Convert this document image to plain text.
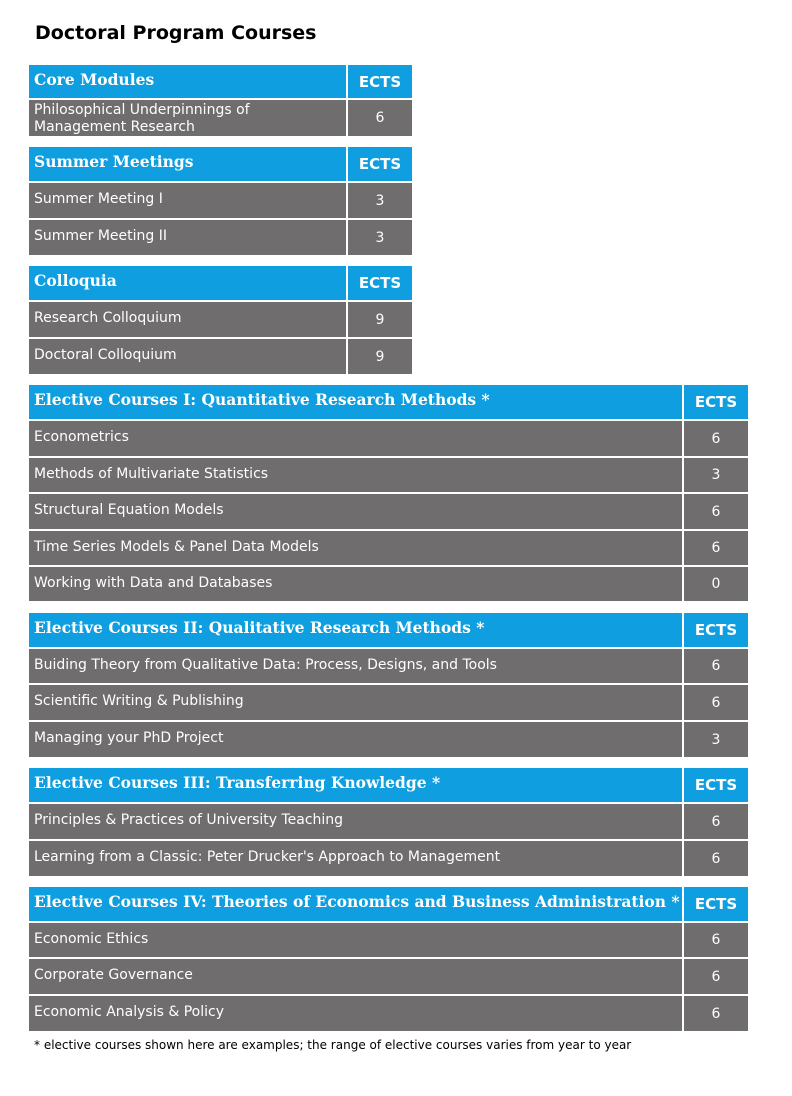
Doctoral Program Courses
Core Modules	ECTS
Philosophical Underpinnings of Management Research	6
Summer Meetings	ECTS
Summer Meeting I	3
Summer Meeting II	3
Colloquia	ECTS
Research Colloquium	9
Doctoral Colloquium	9
Elective Courses I: Quantitative Research Methods *	ECTS
Econometrics	6
Methods of Multivariate Statistics	3
Structural Equation Models	6
Time Series Models & Panel Data Models	6
Working with Data and Databases	0
Elective Courses II: Qualitative Research Methods *	ECTS
Buiding Theory from Qualitative Data: Process, Designs, and Tools	6
Scientific Writing & Publishing	6
Managing your PhD Project	3
Elective Courses III: Transferring Knowledge *	ECTS
Principles & Practices of University Teaching	6
Learning from a Classic: Peter Drucker's Approach to Management	6
Elective Courses IV: Theories of Economics and Business Administration *	ECTS
Economic Ethics	6
Corporate Governance	6
Economic Analysis & Policy	6

* elective courses shown here are examples; the range of elective courses varies from year to year
